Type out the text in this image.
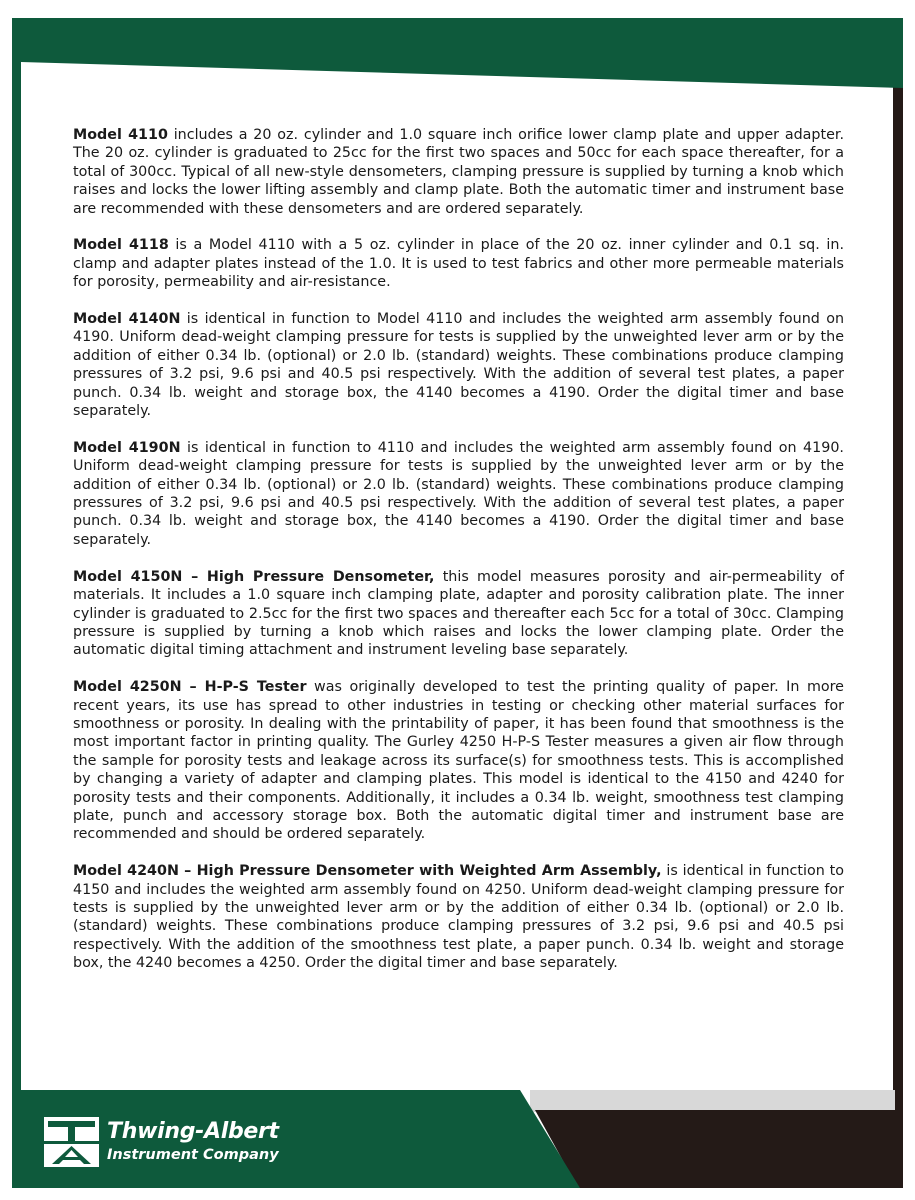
Model 4110 includes a 20 oz. cylinder and 1.0 square inch orifice lower clamp plate and upper adapter. The 20 oz. cylinder is graduated to 25cc for the first two spaces and 50cc for each space thereafter, for a total of 300cc. Typical of all new-style densometers, clamping pressure is supplied by turning a knob which raises and locks the lower lifting assembly and clamp plate. Both the automatic timer and instrument base are recommended with these densometers and are ordered separately.

Model 4118 is a Model 4110 with a 5 oz. cylinder in place of the 20 oz. inner cylinder and 0.1 sq. in. clamp and adapter plates instead of the 1.0. It is used to test fabrics and other more permeable materials for porosity, permeability and air-resistance.

Model 4140N is identical in function to Model 4110 and includes the weighted arm assembly found on 4190. Uniform dead-weight clamping pressure for tests is supplied by the unweighted lever arm or by the addition of either 0.34 lb. (optional) or 2.0 lb. (standard) weights. These combinations produce clamping pressures of 3.2 psi, 9.6 psi and 40.5 psi respectively. With the addition of several test plates, a paper punch. 0.34 lb. weight and storage box, the 4140 becomes a 4190. Order the digital timer and base separately.

Model 4190N is identical in function to 4110 and includes the weighted arm assembly found on 4190. Uniform dead-weight clamping pressure for tests is supplied by the unweighted lever arm or by the addition of either 0.34 lb. (optional) or 2.0 lb. (standard) weights. These combinations produce clamping pressures of 3.2 psi, 9.6 psi and 40.5 psi respectively. With the addition of several test plates, a paper punch. 0.34 lb. weight and storage box, the 4140 becomes a 4190. Order the digital timer and base separately.

Model 4150N – High Pressure Densometer, this model measures porosity and air-permeability of materials. It includes a 1.0 square inch clamping plate, adapter and porosity calibration plate. The inner cylinder is graduated to 2.5cc for the first two spaces and thereafter each 5cc for a total of 30cc. Clamping pressure is supplied by turning a knob which raises and locks the lower clamping plate. Order the automatic digital timing attachment and instrument leveling base separately.

Model 4250N – H-P-S Tester was originally developed to test the printing quality of paper. In more recent years, its use has spread to other industries in testing or checking other material surfaces for smoothness or porosity. In dealing with the printability of paper, it has been found that smoothness is the most important factor in printing quality. The Gurley 4250 H-P-S Tester measures a given air flow through the sample for porosity tests and leakage across its surface(s) for smoothness tests. This is accomplished by changing a variety of adapter and clamping plates. This model is identical to the 4150 and 4240 for porosity tests and their components. Additionally, it includes a 0.34 lb. weight, smoothness test clamping plate, punch and accessory storage box. Both the automatic digital timer and instrument base are recommended and should be ordered separately.

Model 4240N – High Pressure Densometer with Weighted Arm Assembly, is identical in function to 4150 and includes the weighted arm assembly found on 4250. Uniform dead-weight clamping pressure for tests is supplied by the unweighted lever arm or by the addition of either 0.34 lb. (optional) or 2.0 lb. (standard) weights. These combinations produce clamping pressures of 3.2 psi, 9.6 psi and 40.5 psi respectively. With the addition of the smoothness test plate, a paper punch. 0.34 lb. weight and storage box, the 4240 becomes a 4250. Order the digital timer and base separately.

Thwing-Albert
Instrument Company
